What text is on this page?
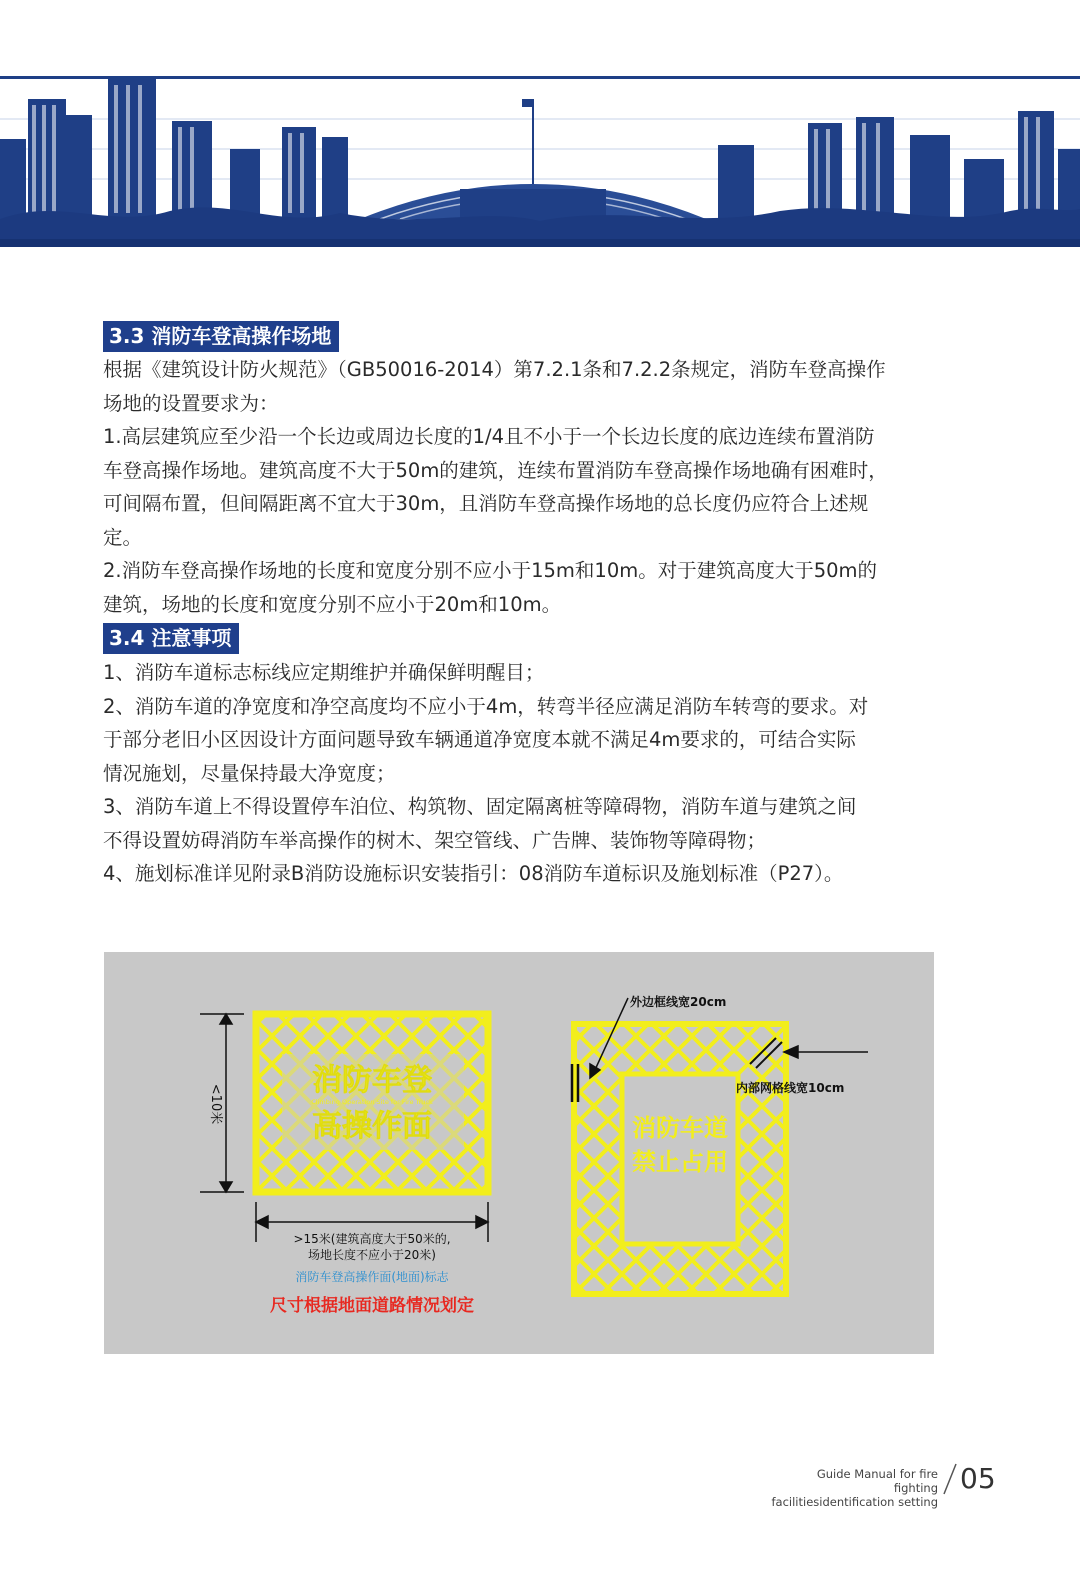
3.3 消防车登高操作场地
根据《建筑设计防火规范》（GB50016-2014）第7.2.1条和7.2.2条规定，消防车登高操作
场地的设置要求为：
1.高层建筑应至少沿一个长边或周边长度的1/4且不小于一个长边长度的底边连续布置消防
车登高操作场地。建筑高度不大于50m的建筑，连续布置消防车登高操作场地确有困难时，
可间隔布置，但间隔距离不宜大于30m，且消防车登高操作场地的总长度仍应符合上述规
定。
2.消防车登高操作场地的长度和宽度分别不应小于15m和10m。对于建筑高度大于50m的
建筑，场地的长度和宽度分别不应小于20m和10m。
3.4 注意事项
1、消防车道标志标线应定期维护并确保鲜明醒目；
2、消防车道的净宽度和净空高度均不应小于4m，转弯半径应满足消防车转弯的要求。对
于部分老旧小区因设计方面问题导致车辆通道净宽度本就不满足4m要求的，可结合实际
情况施划，尽量保持最大净宽度；
3、消防车道上不得设置停车泊位、构筑物、固定隔离桩等障碍物，消防车道与建筑之间
不得设置妨碍消防车举高操作的树木、架空管线、广告牌、装饰物等障碍物；
4、施划标准详见附录B消防设施标识安装指引：08消防车道标识及施划标准（P27）。
消防车登
Climbing Operation Site for Fire Truck
高操作面
<10米
>15米(建筑高度大于50米的,
场地长度不应小于20米)
消防车登高操作面(地面)标志
尺寸根据地面道路情况划定
消防车道
禁止占用
外边框线宽20cm
内部网格线宽10cm
Guide Manual for fire fighting
facilitiesidentification setting
05
